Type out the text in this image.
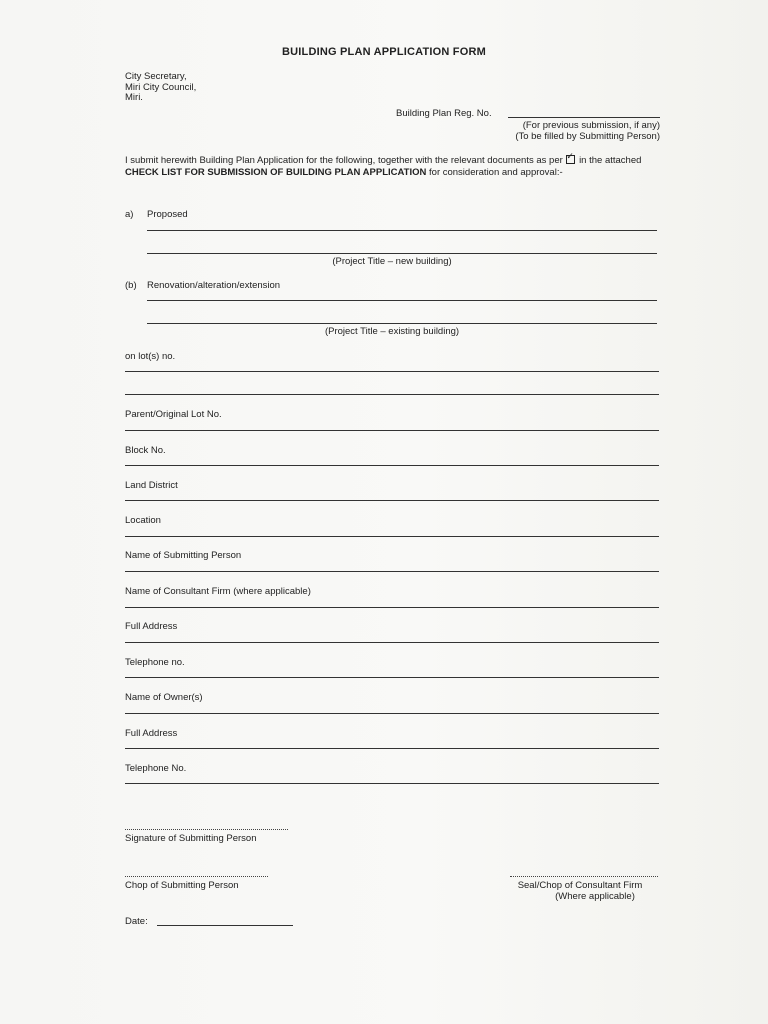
BUILDING PLAN APPLICATION FORM
City Secretary,
Miri City Council,
Miri.
Building Plan Reg. No.
(For previous submission, if any)
(To be filled by Submitting Person)
I submit herewith Building Plan Application for the following, together with the relevant documents as per ✓ in the attached CHECK LIST FOR SUBMISSION OF BUILDING PLAN APPLICATION for consideration and approval:-
a) Proposed
(Project Title – new building)
(b) Renovation/alteration/extension
(Project Title – existing building)
on lot(s) no.
Parent/Original Lot No.
Block No.
Land District
Location
Name of Submitting Person
Name of Consultant Firm (where applicable)
Full Address
Telephone no.
Name of Owner(s)
Full Address
Telephone No.
Signature of Submitting Person
Chop of Submitting Person	Seal/Chop of Consultant Firm
(Where applicable)
Date:
